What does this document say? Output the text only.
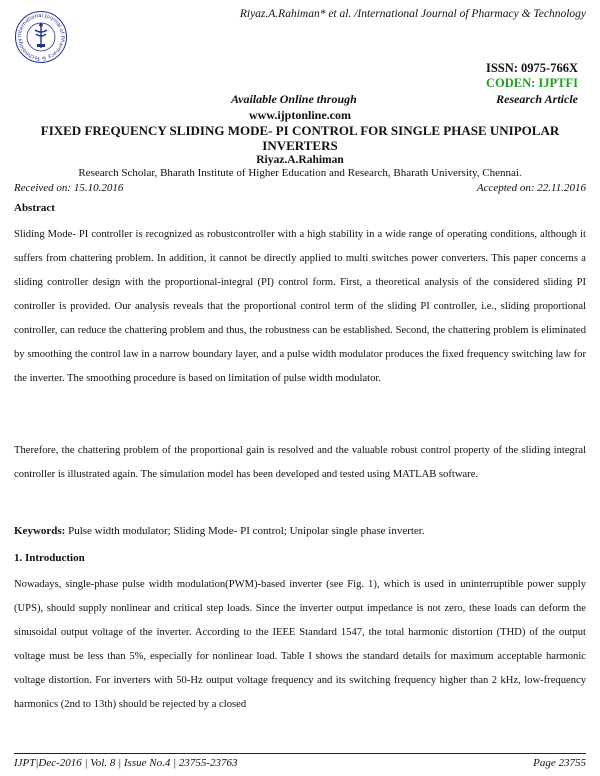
International Journal of Pharmacy & Technology
Riyaz.A.Rahiman* et al. /International Journal of Pharmacy & Technology
ISSN: 0975-766X
CODEN: IJPTFI
Available Online through	Research Article
www.ijptonline.com
FIXED FREQUENCY SLIDING MODE- PI CONTROL FOR SINGLE PHASE UNIPOLAR INVERTERS
Riyaz.A.Rahiman
Research Scholar, Bharath Institute of Higher Education and Research, Bharath University, Chennai.
Received on: 15.10.2016	Accepted on: 22.11.2016
Abstract
Sliding Mode- PI controller is recognized as robustcontroller with a high stability in a wide range of operating conditions, although it suffers from chattering problem. In addition, it cannot be directly applied to multi switches power converters. This paper concerns a sliding controller design with the proportional-integral (PI) control form. First, a theoretical analysis of the considered sliding PI controller is provided. Our analysis reveals that the proportional control term of the sliding PI controller, i.e., sliding proportional controller, can reduce the chattering problem and thus, the robustness can be established. Second, the chattering problem is eliminated by smoothing the control law in a narrow boundary layer, and a pulse width modulator produces the fixed frequency switching law for the inverter. The smoothing procedure is based on limitation of pulse width modulator.
Therefore, the chattering problem of the proportional gain is resolved and the valuable robust control property of the sliding integral controller is illustrated again. The simulation model has been developed and tested using MATLAB software.
Keywords: Pulse width modulator; Sliding Mode- PI control; Unipolar single phase inverter.
1. Introduction
Nowadays, single-phase pulse width modulation(PWM)-based inverter (see Fig. 1), which is used in uninterruptible power supply (UPS), should supply nonlinear and critical step loads. Since the inverter output impedance is not zero, these loads can deform the sinusoidal output voltage of the inverter. According to the IEEE Standard 1547, the total harmonic distortion (THD) of the output voltage must be less than 5%, especially for nonlinear load. Table I shows the standard details for maximum acceptable harmonic voltage distortion. For inverters with 50-Hz output voltage frequency and its switching frequency higher than 2 kHz, low-frequency harmonics (2nd to 13th) should be rejected by a closed
IJPT|Dec-2016 | Vol. 8 | Issue No.4 | 23755-23763	Page 23755
